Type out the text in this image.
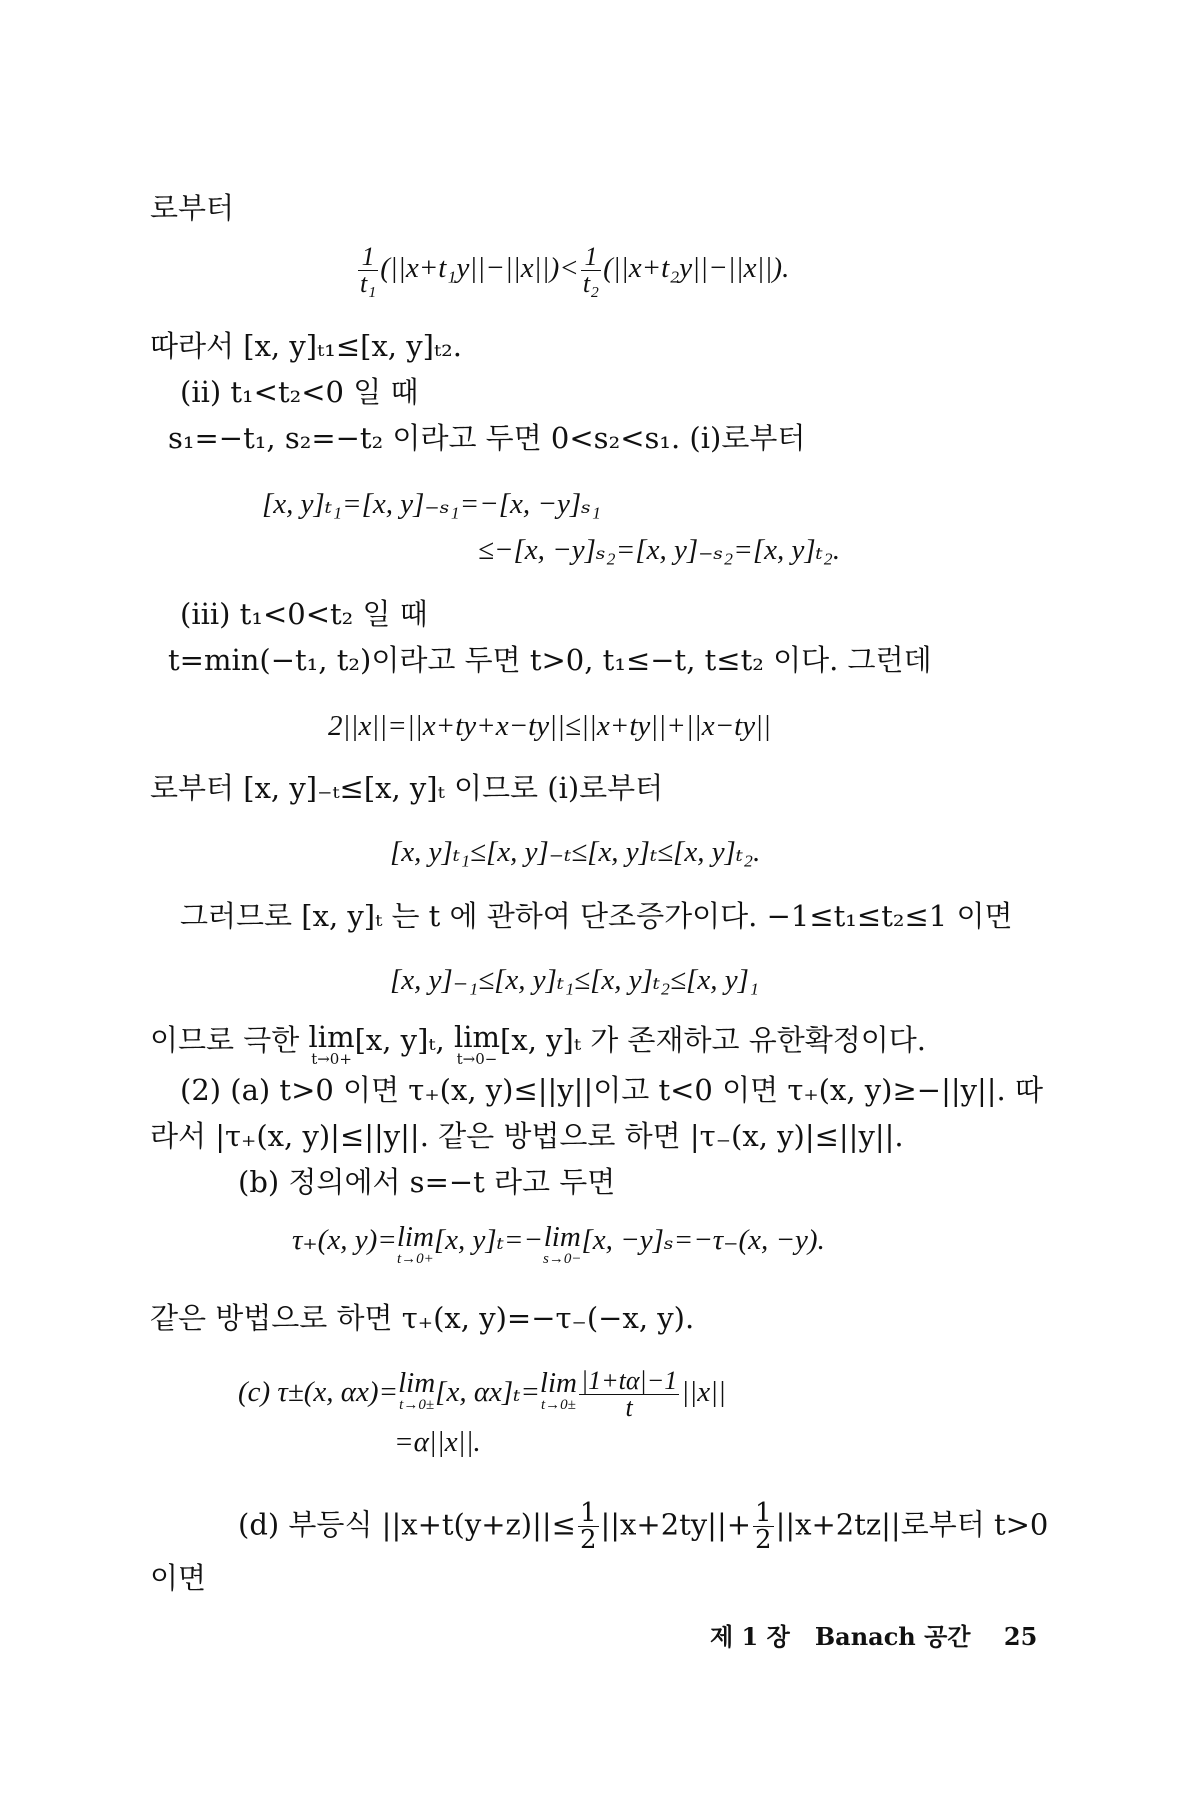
로부터
$\frac{1}{\text{t₁}} (||x+t_1y||-||x||)< \frac{1}{\text{t₂}} (||x+t_2y||-||x||)$.
따라서 [x, y]ₜ₁≤[x, y]ₜ₂.
(ii) t₁<t₂<0 일 때
s₁=−t₁, s₂=−t₂ 이라고 두면 0<s₂<s₁. (i)로부터
[x, y]ₜ₁=[x, y]₋ₛ₁=−[x, −y]ₛ₁
≤−[x, −y]ₛ₂=[x, y]₋ₛ₂=[x, y]ₜ₂.
(iii) t₁<0<t₂ 일 때
t=min(−t₁, t₂)이라고 두면 t>0, t₁≤−t, t≤t₂ 이다. 그런데
2||x||=||x+ty+x−ty||≤||x+ty||+||x−ty||
로부터 [x, y]₋ₜ≤[x, y]ₜ 이므로 (i)로부터
[x, y]ₜ₁≤[x, y]₋ₜ≤[x, y]ₜ≤[x, y]ₜ₂.
그러므로 [x, y]ₜ 는 t 에 관하여 단조증가이다. −1≤t₁≤t₂≤1 이면
[x, y]₋₁≤[x, y]ₜ₁≤[x, y]ₜ₂≤[x, y]₁
이므로 극한 lim
t→0+
[x, y]ₜ, lim
t→0−
[x, y]ₜ 가 존재하고 유한확정이다.
(2) (a) t>0 이면 τ₊(x, y)≤||y||이고 t<0 이면 τ₊(x, y)≥−||y||. 따
라서 |τ₊(x, y)|≤||y||. 같은 방법으로 하면 |τ₋(x, y)|≤||y||.
(b) 정의에서 s=−t 라고 두면
τ₊(x, y)=lim
t→0+
[x, y]ₜ=−lim
s→0−
[x, −y]ₛ=−τ₋(x, −y).
같은 방법으로 하면 τ₊(x, y)=−τ₋(−x, y).
(c) τ±(x, αx)=lim
t→0± [x, αx]ₜ=lim
$t\to 0\pm \frac{|1+t\alpha|-1}{t} ||x||$
=α||x||.
(d) 부등식 $||x+t(y+z)||\le \frac{1}{2} ||x+2ty||+ \frac{1}{2} ||x+2tz||$로부터 t>0
이면
제 1 장 Banach 공간 25
